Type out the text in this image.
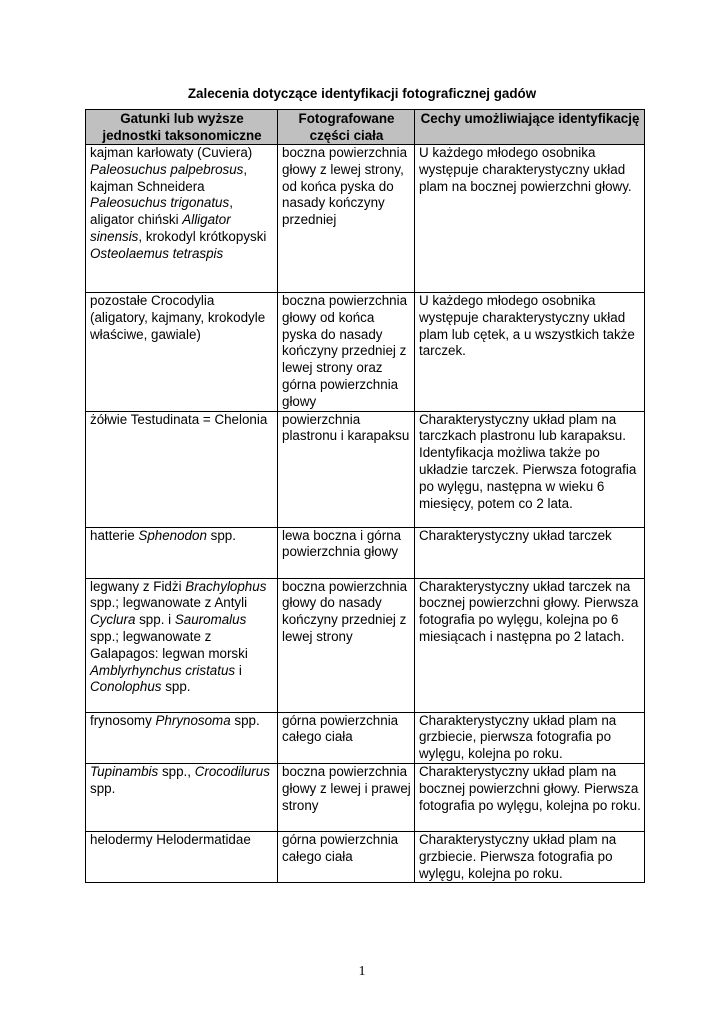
Zalecenia dotyczące identyfikacji fotograficznej gadów
Gatunki lub wyższe jednostki taksonomiczne	Fotografowane części ciała	Cechy umożliwiające identyfikację
kajman karłowaty (Cuviera) Paleosuchus palpebrosus, kajman Schneidera Paleosuchus trigonatus, aligator chiński Alligator sinensis, krokodyl krótkopyski Osteolaemus tetraspis	boczna powierzchnia głowy z lewej strony, od końca pyska do nasady kończyny przedniej	U każdego młodego osobnika występuje charakterystyczny układ plam na bocznej powierzchni głowy.
pozostałe Crocodylia (aligatory, kajmany, krokodyle właściwe, gawiale)	boczna powierzchnia głowy od końca pyska do nasady kończyny przedniej z lewej strony oraz górna powierzchnia głowy	U każdego młodego osobnika występuje charakterystyczny układ plam lub cętek, a u wszystkich także tarczek.
żółwie Testudinata = Chelonia	powierzchnia plastronu i karapaksu	Charakterystyczny układ plam na tarczkach plastronu lub karapaksu. Identyfikacja możliwa także po układzie tarczek. Pierwsza fotografia po wylęgu, następna w wieku 6 miesięcy, potem co 2 lata.
hatterie Sphenodon spp.	lewa boczna i górna powierzchnia głowy	Charakterystyczny układ tarczek
legwany z Fidżi Brachylophus spp.; legwanowate z Antyli Cyclura spp. i Sauromalus spp.; legwanowate z Galapagos: legwan morski Amblyrhynchus cristatus i Conolophus spp.	boczna powierzchnia głowy do nasady kończyny przedniej z lewej strony	Charakterystyczny układ tarczek na bocznej powierzchni głowy. Pierwsza fotografia po wylęgu, kolejna po 6 miesiącach i następna po 2 latach.
frynosomy Phrynosoma spp.	górna powierzchnia całego ciała	Charakterystyczny układ plam na grzbiecie, pierwsza fotografia po wylęgu, kolejna po roku.
Tupinambis spp., Crocodilurus spp.	boczna powierzchnia głowy z lewej i prawej strony	Charakterystyczny układ plam na bocznej powierzchni głowy. Pierwsza fotografia po wylęgu, kolejna po roku.
helodermy Helodermatidae	górna powierzchnia całego ciała	Charakterystyczny układ plam na grzbiecie. Pierwsza fotografia po wylęgu, kolejna po roku.
1
